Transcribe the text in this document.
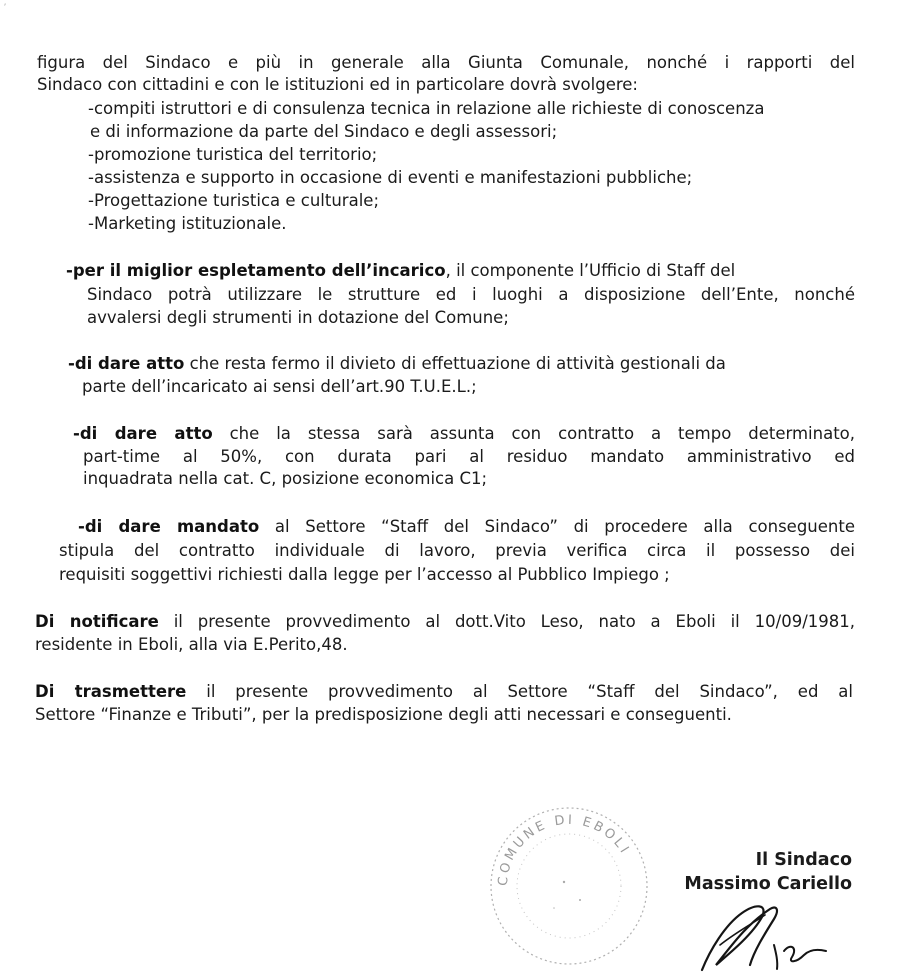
⸴
figura del Sindaco e più in generale alla Giunta Comunale, nonché i rapporti del
Sindaco con cittadini e con le istituzioni ed in particolare dovrà svolgere:
-compiti istruttori e di consulenza tecnica in relazione alle richieste di conoscenza
e di informazione da parte del Sindaco e degli assessori;
-promozione turistica del territorio;
-assistenza e supporto in occasione di eventi e manifestazioni pubbliche;
-Progettazione turistica e culturale;
-Marketing istituzionale.
-per il miglior espletamento dell’incarico, il componente l’Ufficio di Staff del
Sindaco potrà utilizzare le strutture ed i luoghi a disposizione dell’Ente, nonché
avvalersi degli strumenti in dotazione del Comune;
-di dare atto che resta fermo il divieto di effettuazione di attività gestionali da
parte dell’incaricato ai sensi dell’art.90 T.U.E.L.;
-di dare atto che la stessa sarà assunta con contratto a tempo determinato,
part-time al 50%, con durata pari al residuo mandato amministrativo ed
inquadrata nella cat. C, posizione economica C1;
-di dare mandato al Settore “Staff del Sindaco” di procedere alla conseguente
stipula del contratto individuale di lavoro, previa verifica circa il possesso dei
requisiti soggettivi richiesti dalla legge per l’accesso al Pubblico Impiego ;
Di notificare il presente provvedimento al dott.Vito Leso, nato a Eboli il 10/09/1981,
residente in Eboli, alla via E.Perito,48.
Di trasmettere il presente provvedimento al Settore “Staff del Sindaco”, ed al
Settore “Finanze e Tributi”, per la predisposizione degli atti necessari e conseguenti.
COMUNE DI EBOLI	Il Sindaco
Massimo Cariello
